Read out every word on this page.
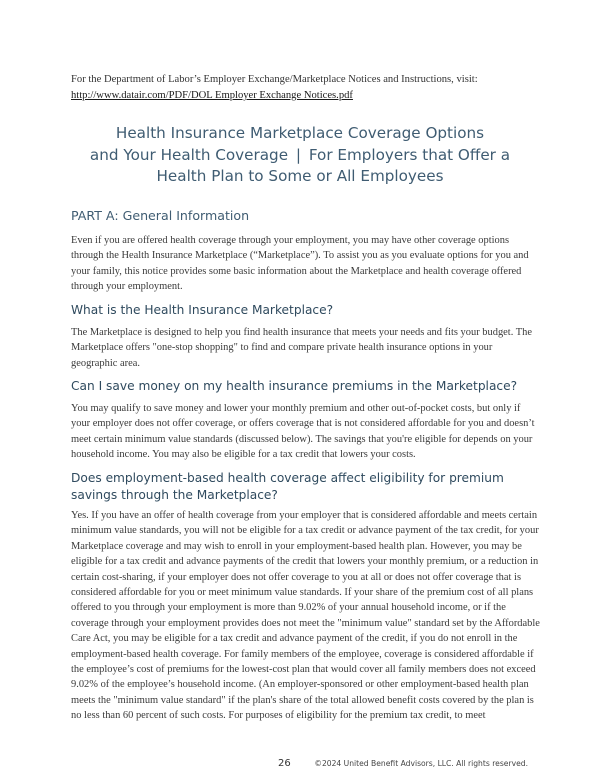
For the Department of Labor’s Employer Exchange/Marketplace Notices and Instructions, visit:
http://www.datair.com/PDF/DOL Employer Exchange Notices.pdf
Health Insurance Marketplace Coverage Options
and Your Health Coverage | For Employers that Offer a
Health Plan to Some or All Employees
PART A: General Information

Even if you are offered health coverage through your employment, you may have other coverage options through the Health Insurance Marketplace (“Marketplace”). To assist you as you evaluate options for you and your family, this notice provides some basic information about the Marketplace and health coverage offered through your employment.

What is the Health Insurance Marketplace?

The Marketplace is designed to help you find health insurance that meets your needs and fits your budget. The Marketplace offers "one-stop shopping" to find and compare private health insurance options in your geographic area.

Can I save money on my health insurance premiums in the Marketplace?

You may qualify to save money and lower your monthly premium and other out-of-pocket costs, but only if your employer does not offer coverage, or offers coverage that is not considered affordable for you and doesn’t meet certain minimum value standards (discussed below). The savings that you're eligible for depends on your household income. You may also be eligible for a tax credit that lowers your costs.

Does employment-based health coverage affect eligibility for premium savings through the Marketplace?

Yes. If you have an offer of health coverage from your employer that is considered affordable and meets certain minimum value standards, you will not be eligible for a tax credit or advance payment of the tax credit, for your Marketplace coverage and may wish to enroll in your employment-based health plan. However, you may be eligible for a tax credit and advance payments of the credit that lowers your monthly premium, or a reduction in certain cost-sharing, if your employer does not offer coverage to you at all or does not offer coverage that is considered affordable for you or meet minimum value standards. If your share of the premium cost of all plans offered to you through your employment is more than 9.02% of your annual household income, or if the coverage through your employment provides does not meet the "minimum value" standard set by the Affordable Care Act, you may be eligible for a tax credit and advance payment of the credit, if you do not enroll in the employment-based health coverage. For family members of the employee, coverage is considered affordable if the employee’s cost of premiums for the lowest-cost plan that would cover all family members does not exceed 9.02% of the employee’s household income. (An employer-sponsored or other employment-based health plan meets the "minimum value standard" if the plan's share of the total allowed benefit costs covered by the plan is no less than 60 percent of such costs. For purposes of eligibility for the premium tax credit, to meet

26	©2024 United Benefit Advisors, LLC. All rights reserved.
